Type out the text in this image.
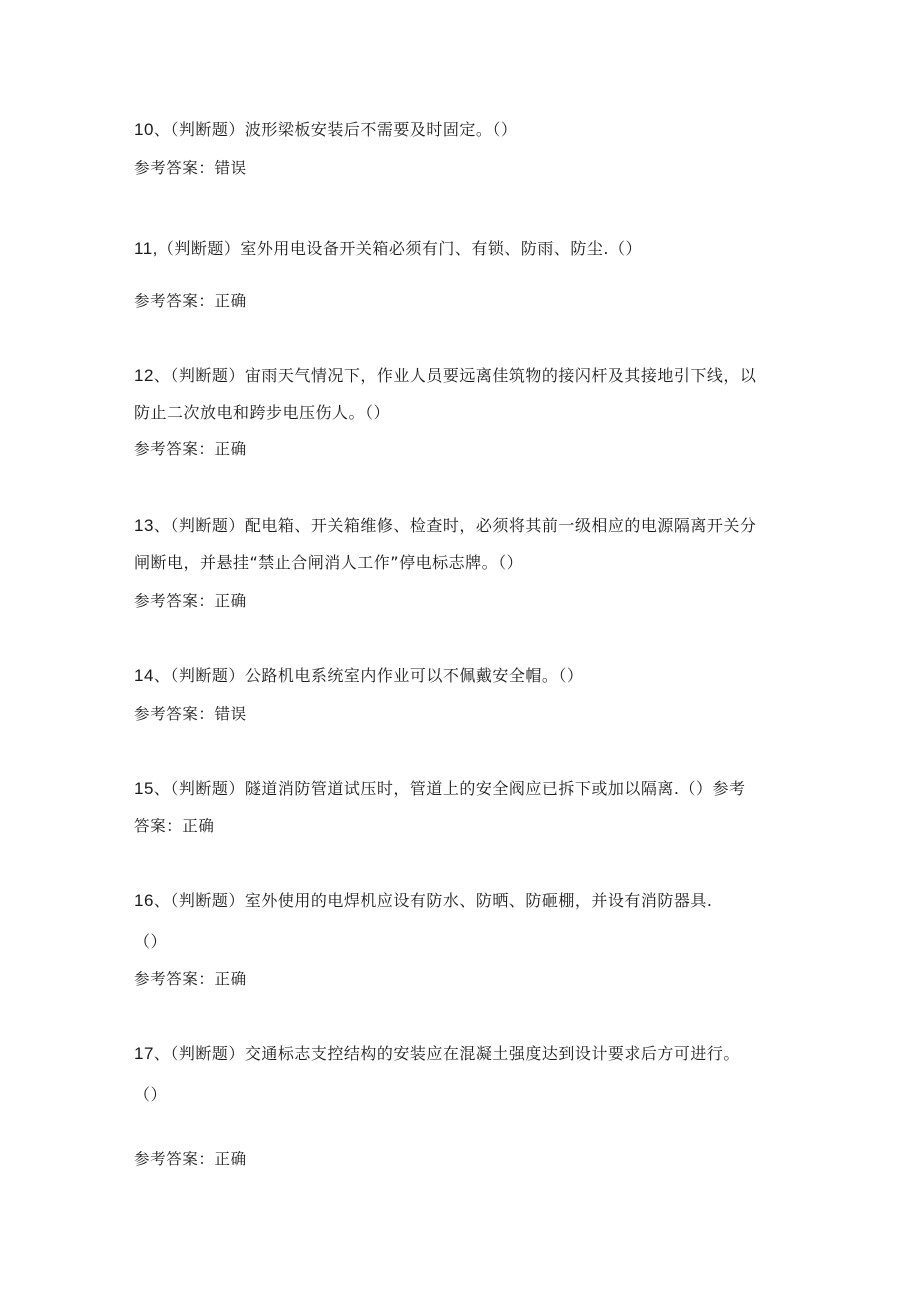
10、（判断题）波形梁板安装后不需要及时固定。（）
参考答案：错误
11,（判断题）室外用电设备开关箱必须有门、有锁、防雨、防尘.（）
参考答案：正确
12、（判断题）宙雨天气情况下，作业人员要远离佳筑物的接闪杆及其接地引下线，以
防止二次放电和跨步电压伤人。（）
参考答案：正确
13、（判断题）配电箱、开关箱维修、检查时，必须将其前一级相应的电源隔离开关分
闸断电，并悬挂“禁止合闸消人工作”停电标志牌。（）
参考答案：正确
14、（判断题）公路机电系统室内作业可以不佩戴安全帽。（）
参考答案：错误
15、（判断题）隧道消防管道试压时，管道上的安全阀应已拆下或加以隔离.（）参考
答案：正确
16、（判断题）室外使用的电焊机应设有防水、防晒、防砸棚，并设有消防器具.
（）
参考答案：正确
17、（判断题）交通标志支控结构的安装应在混凝土强度达到设计要求后方可进行。
（）
参考答案：正确
